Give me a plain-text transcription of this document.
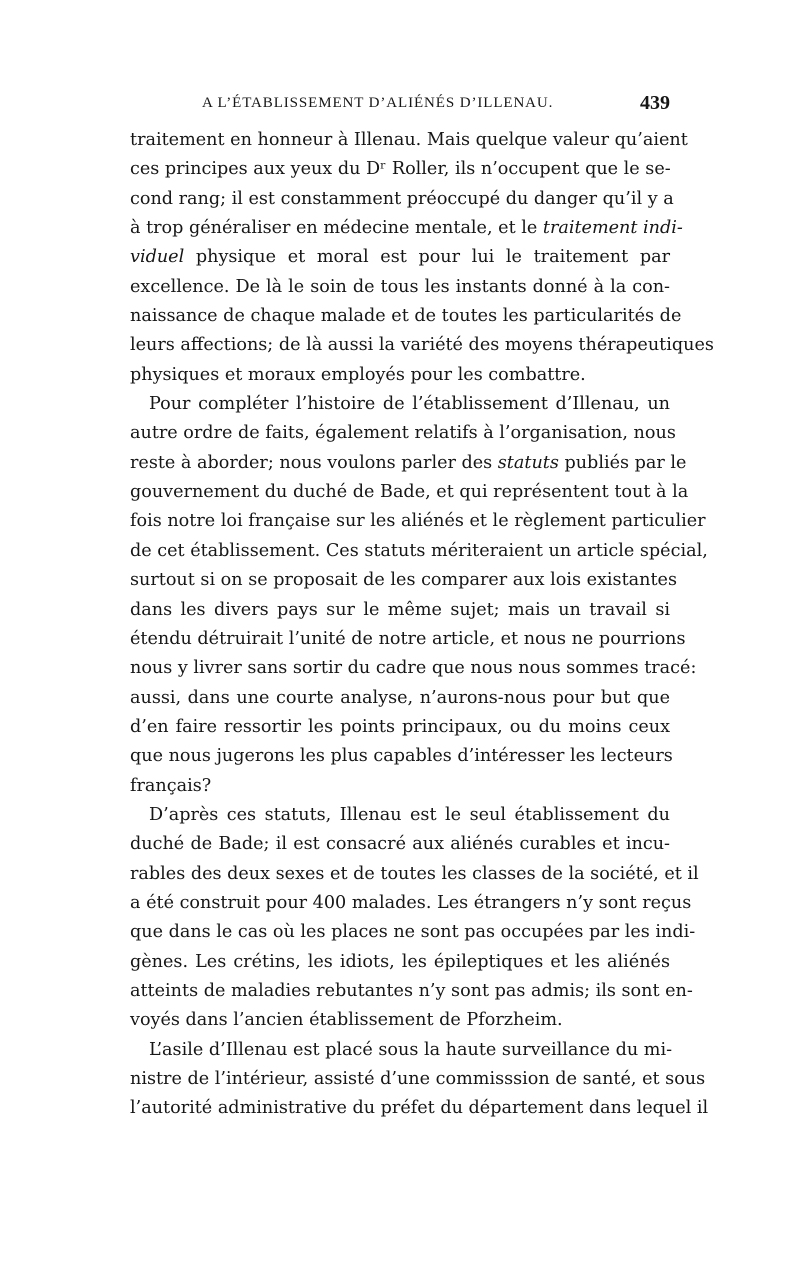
A L’ÉTABLISSEMENT D’ALIÉNÉS D’ILLENAU.	439
traitement en honneur à Illenau. Mais quelque valeur qu’aient
ces principes aux yeux du Dʳ Roller, ils n’occupent que le se-
cond rang; il est constamment préoccupé du danger qu’il y a
à trop généraliser en médecine mentale, et le traitement indi-
viduel physique et moral est pour lui le traitement par
excellence. De là le soin de tous les instants donné à la con-
naissance de chaque malade et de toutes les particularités de
leurs affections; de là aussi la variété des moyens thérapeutiques
physiques et moraux employés pour les combattre.
Pour compléter l’histoire de l’établissement d’Illenau, un
autre ordre de faits, également relatifs à l’organisation, nous
reste à aborder; nous voulons parler des statuts publiés par le
gouvernement du duché de Bade, et qui représentent tout à la
fois notre loi française sur les aliénés et le règlement particulier
de cet établissement. Ces statuts mériteraient un article spécial,
surtout si on se proposait de les comparer aux lois existantes
dans les divers pays sur le même sujet; mais un travail si
étendu détruirait l’unité de notre article, et nous ne pourrions
nous y livrer sans sortir du cadre que nous nous sommes tracé:
aussi, dans une courte analyse, n’aurons-nous pour but que
d’en faire ressortir les points principaux, ou du moins ceux
que nous jugerons les plus capables d’intéresser les lecteurs
français?
D’après ces statuts, Illenau est le seul établissement du
duché de Bade; il est consacré aux aliénés curables et incu-
rables des deux sexes et de toutes les classes de la société, et il
a été construit pour 400 malades. Les étrangers n’y sont reçus
que dans le cas où les places ne sont pas occupées par les indi-
gènes. Les crétins, les idiots, les épileptiques et les aliénés
atteints de maladies rebutantes n’y sont pas admis; ils sont en-
voyés dans l’ancien établissement de Pforzheim.
L’asile d’Illenau est placé sous la haute surveillance du mi-
nistre de l’intérieur, assisté d’une commisssion de santé, et sous
l’autorité administrative du préfet du département dans lequel il
